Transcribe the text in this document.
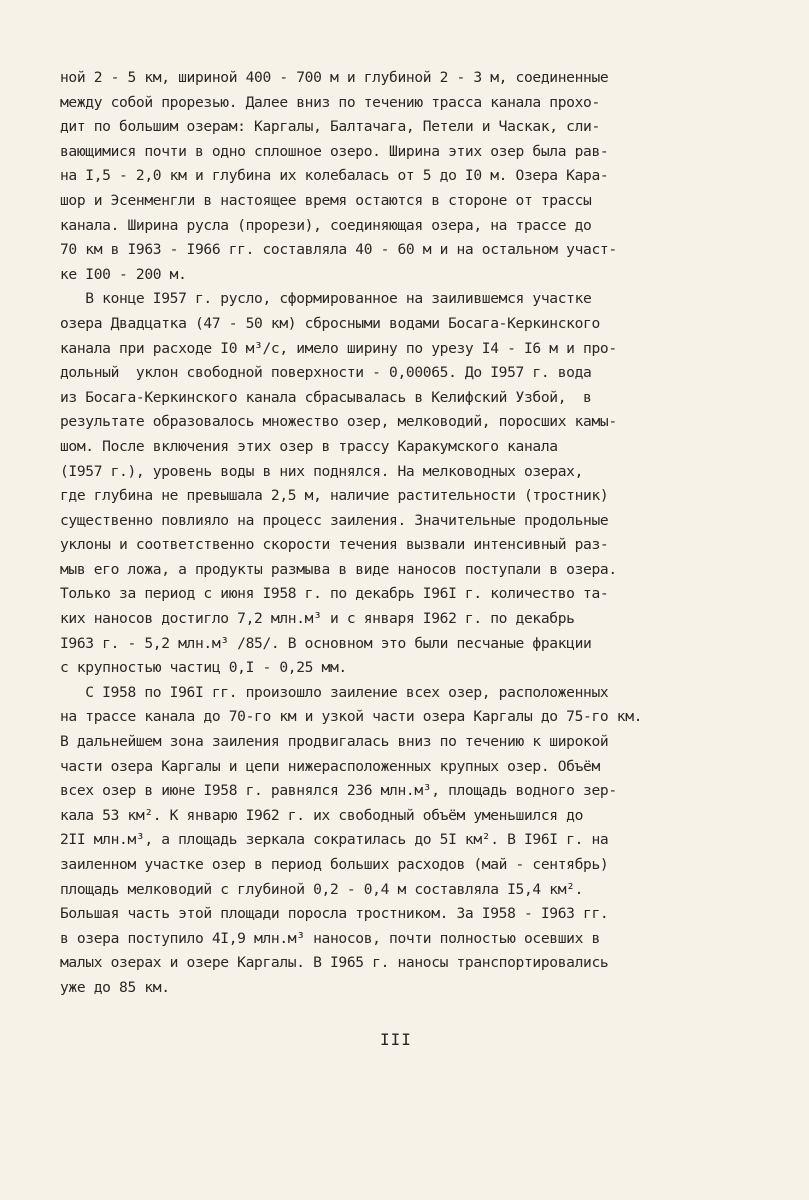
ной 2 - 5 км, шириной 400 - 700 м и глубиной 2 - 3 м, соединенные
между собой прорезью. Далее вниз по течению трасса канала прохо-
дит по большим озерам: Каргалы, Балтачага, Петели и Часкак, сли-
вающимися почти в одно сплошное озеро. Ширина этих озер была рав-
на I,5 - 2,0 км и глубина их колебалась от 5 до I0 м. Озера Кара-
шор и Эсенменгли в настоящее время остаются в стороне от трассы
канала. Ширина русла (прорези), соединяющая озера, на трассе до
70 км в I963 - I966 гг. составляла 40 - 60 м и на остальном участ-
ке I00 - 200 м.
В конце I957 г. русло, сформированное на заилившемся участке
озера Двадцатка (47 - 50 км) сбросными водами Босага-Керкинского
канала при расходе I0 м³/с, имело ширину по урезу I4 - I6 м и про-
дольный  уклон свободной поверхности - 0,00065. До I957 г. вода
из Босага-Керкинского канала сбрасывалась в Келифский Узбой,  в
результате образовалось множество озер, мелководий, поросших камы-
шом. После включения этих озер в трассу Каракумского канала
(I957 г.), уровень воды в них поднялся. На мелководных озерах,
где глубина не превышала 2,5 м, наличие растительности (тростник)
существенно повлияло на процесс заиления. Значительные продольные
уклоны и соответственно скорости течения вызвали интенсивный раз-
мыв его ложа, а продукты размыва в виде наносов поступали в озера.
Только за период с июня I958 г. по декабрь I96I г. количество та-
ких наносов достигло 7,2 млн.м³ и с января I962 г. по декабрь
I963 г. - 5,2 млн.м³ /85/. В основном это были песчаные фракции
с крупностью частиц 0,I - 0,25 мм.
С I958 по I96I гг. произошло заиление всех озер, расположенных
на трассе канала до 70-го км и узкой части озера Каргалы до 75-го км.
В дальнейшем зона заиления продвигалась вниз по течению к широкой
части озера Каргалы и цепи нижерасположенных крупных озер. Объём
всех озер в июне I958 г. равнялся 236 млн.м³, площадь водного зер-
кала 53 км². К январю I962 г. их свободный объём уменьшился до
2II млн.м³, а площадь зеркала сократилась до 5I км². В I96I г. на
заиленном участке озер в период больших расходов (май - сентябрь)
площадь мелководий с глубиной 0,2 - 0,4 м составляла I5,4 км².
Большая часть этой площади поросла тростником. За I958 - I963 гг.
в озера поступило 4I,9 млн.м³ наносов, почти полностью осевших в
малых озерах и озере Каргалы. В I965 г. наносы транспортировались
уже до 85 км.
III
